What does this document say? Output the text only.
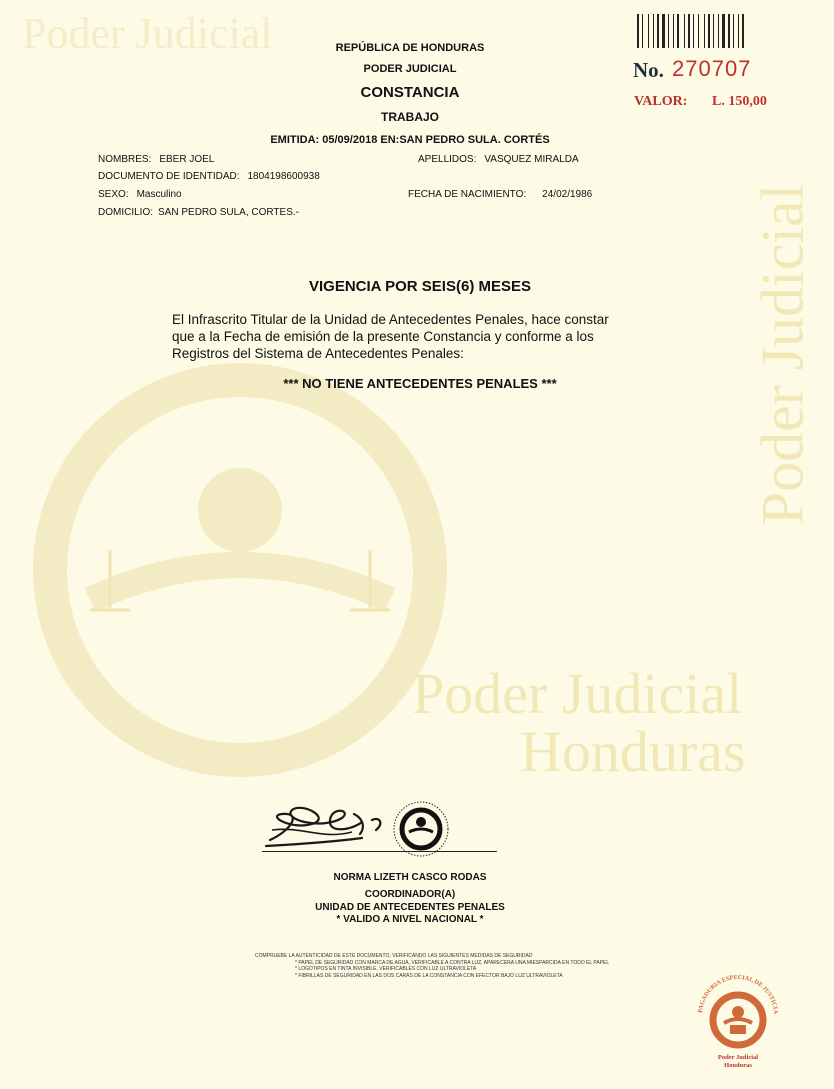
Poder Judicial
Poder Judicial
Honduras
Poder Judicial
REPÚBLICA DE HONDURAS
PODER JUDICIAL
CONSTANCIA
TRABAJO
EMITIDA: 05/09/2018 EN:SAN PEDRO SULA. CORTÉS
No. 270707
VALOR: L. 150,00
NOMBRES: EBER JOEL	APELLIDOS: VASQUEZ MIRALDA
DOCUMENTO DE IDENTIDAD: 1804198600938
SEXO: Masculino	FECHA DE NACIMIENTO: 24/02/1986
DOMICILIO: SAN PEDRO SULA, CORTES.-
VIGENCIA POR SEIS(6) MESES
El Infrascrito Titular de la Unidad de Antecedentes Penales, hace constar
que a la Fecha de emisión de la presente Constancia y conforme a los
Registros del Sistema de Antecedentes Penales:
*** NO TIENE ANTECEDENTES PENALES ***
NORMA LIZETH CASCO RODAS
COORDINADOR(A)
UNIDAD DE ANTECEDENTES PENALES
* VALIDO A NIVEL NACIONAL *
COMPRUEBE LA AUTENTICIDAD DE ESTE DOCUMENTO, VERIFICANDO LAS SIGUIENTES MEDIDAS DE SEGURIDAD
* PAPEL DE SEGURIDAD CON MARCA DE AGUA, VERIFICABLE A CONTRA LUZ, APARECERA UNA MIESPARCIDA EN TODO EL PAPEL
* LOGOTIPOS EN TINTA INVISIBLE, VERIFICABLES CON LUZ ULTRAVIOLETA
* FIBRILLAS DE SEGURIDAD EN LAS DOS CARAS DE LA CONSTANCIA CON EFECTOR BAJO LUZ ULTRAVIOLETA
PAGADURIA ESPECIAL DE JUSTICIA
Poder Judicial
Honduras
